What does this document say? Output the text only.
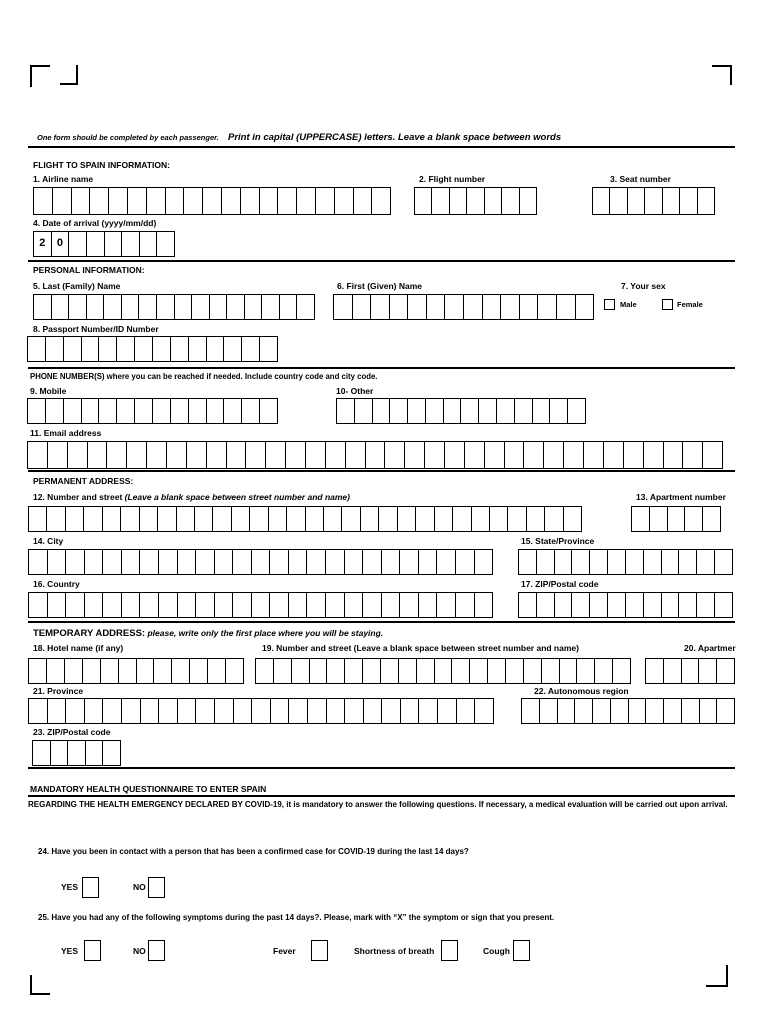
One form should be completed by each passenger. Print in capital (UPPERCASE) letters. Leave a blank space between words
FLIGHT TO SPAIN INFORMATION:
1. Airline name	2. Flight number	3. Seat number
4. Date of arrival (yyyy/mm/dd)
2	0
PERSONAL INFORMATION:
5. Last (Family) Name	6. First (Given) Name	7. Your sex
Male	Female
8. Passport Number/ID Number
PHONE NUMBER(S) where you can be reached if needed. Include country code and city code.
9. Mobile	10- Other
11. Email address
PERMANENT ADDRESS:
12. Number and street (Leave a blank space between street number and name)	13. Apartment number
14. City	15. State/Province
16. Country	17. ZIP/Postal code
TEMPORARY ADDRESS: please, write only the first place where you will be staying.
18. Hotel name (if any)	19. Number and street (Leave a blank space between street number and name)	20. Apartmer
21. Province	22. Autonomous region
23. ZIP/Postal code
MANDATORY HEALTH QUESTIONNAIRE TO ENTER SPAIN
REGARDING THE HEALTH EMERGENCY DECLARED BY COVID-19, it is mandatory to answer the following questions. If necessary, a medical evaluation will be carried out upon arrival.
24. Have you been in contact with a person that has been a confirmed case for COVID-19 during the last 14 days?
YES	NO
25. Have you had any of the following symptoms during the past 14 days?. Please, mark with “X” the symptom or sign that you present.
YES	NO	Fever	Shortness of breath	Cough
